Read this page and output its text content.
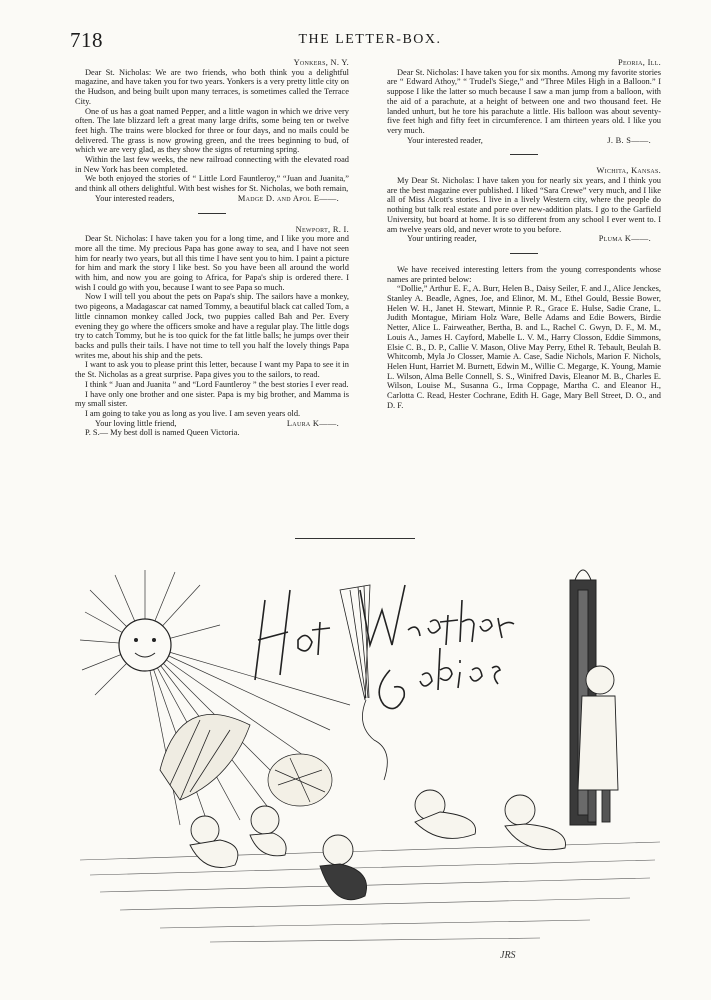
718	THE LETTER-BOX.

Yonkers, N. Y.

Dear St. Nicholas: We are two friends, who both think you a delightful magazine, and have taken you for two years. Yonkers is a very pretty little city on the Hudson, and being built upon many terraces, is sometimes called the Terrace City.

One of us has a goat named Pepper, and a little wagon in which we drive very often. The late blizzard left a great many large drifts, some being ten or twelve feet high. The trains were blocked for three or four days, and no mails could be delivered. The grass is now growing green, and the trees beginning to bud, of which we are very glad, as they show the signs of returning spring.

Within the last few weeks, the new railroad connecting with the elevated road in New York has been completed.

We both enjoyed the stories of “ Little Lord Fauntleroy,” “Juan and Juanita,” and think all others delightful. With best wishes for St. Nicholas, we both remain,

Your interested readers,	Madge D. and Apol E——.

Newport, R. I.

Dear St. Nicholas: I have taken you for a long time, and I like you more and more all the time. My precious Papa has gone away to sea, and I have not seen him for nearly two years, but all this time I have sent you to him. I paint a picture for him and mark the story I like best. So you have been all around the world with him, and now you are going to Africa, for Papa's ship is ordered there. I wish I could go with you, because I want to see Papa so much.

Now I will tell you about the pets on Papa's ship. The sailors have a monkey, two pigeons, a Madagascar cat named Tommy, a beautiful black cat called Tom, a little cinnamon monkey called Jock, two puppies called Bah and Per. Every evening they go where the officers smoke and have a regular play. The little dogs try to catch Tommy, but he is too quick for the fat little balls; he jumps over their backs and pulls their tails. I have not time to tell you half the lovely things Papa writes me, about his ship and the pets.

I want to ask you to please print this letter, because I want my Papa to see it in the St. Nicholas as a great surprise. Papa gives you to the sailors, to read.

I think “ Juan and Juanita ” and “Lord Fauntleroy ” the best stories I ever read.

I have only one brother and one sister. Papa is my big brother, and Mamma is my small sister.

I am going to take you as long as you live. I am seven years old.

Your loving little friend,	Laura K——.

P. S.— My best doll is named Queen Victoria.

Peoria, Ill.

Dear St. Nicholas: I have taken you for six months. Among my favorite stories are “ Edward Athoy,” “ Trudel's Siege,” and “Three Miles High in a Balloon.” I suppose I like the latter so much because I saw a man jump from a balloon, with the aid of a parachute, at a height of between one and two thousand feet. He landed unhurt, but he tore his parachute a little. His balloon was about seventy-five feet high and fifty feet in circumference. I am thirteen years old. I like you very much.

Your interested reader,	J. B. S——.

Wichita, Kansas.

My Dear St. Nicholas: I have taken you for nearly six years, and I think you are the best magazine ever published. I liked “Sara Crewe” very much, and I like all of Miss Alcott's stories. I live in a lively Western city, where the people do nothing but talk real estate and pore over new-addition plats. I go to the Garfield University, but board at home. It is so different from any school I ever went to. I am twelve years old, and never wrote to you before.

Your untiring reader,	Pluma K——.

We have received interesting letters from the young correspondents whose names are printed below:

“Dollie,” Arthur E. F., A. Burr, Helen B., Daisy Seiler, F. and J., Alice Jenckes, Stanley A. Beadle, Agnes, Joe, and Elinor, M. M., Ethel Gould, Bessie Bower, Helen W. H., Janet H. Stewart, Minnie P. R., Grace E. Hulse, Sadie Crane, L. Judith Montague, Miriam Holz Ware, Belle Adams and Edie Bowers, Birdie Netter, Alice L. Fairweather, Bertha, B. and L., Rachel C. Gwyn, D. F., M. M., Louis A., James H. Cayford, Mabelle L. V. M., Harry Closson, Eddie Simmons, Elsie C. B., D. P., Callie V. Mason, Olive May Perry, Ethel R. Tebault, Beulah B. Whitcomb, Myla Jo Closser, Mamie A. Case, Sadie Nichols, Marion F. Nichols, Helen Hunt, Harriet M. Burnett, Edwin M., Willie C. Megarge, K. Young, Mamie L. Wilson, Alma Belle Connell, S. S., Winifred Davis, Eleanor M. B., Charles E. Wilson, Louise M., Susanna G., Irma Coppage, Martha C. and Eleanor H., Carlotta C. Read, Hester Cochrane, Edith H. Gage, Mary Bell Street, D. O., and D. F.

JRS
